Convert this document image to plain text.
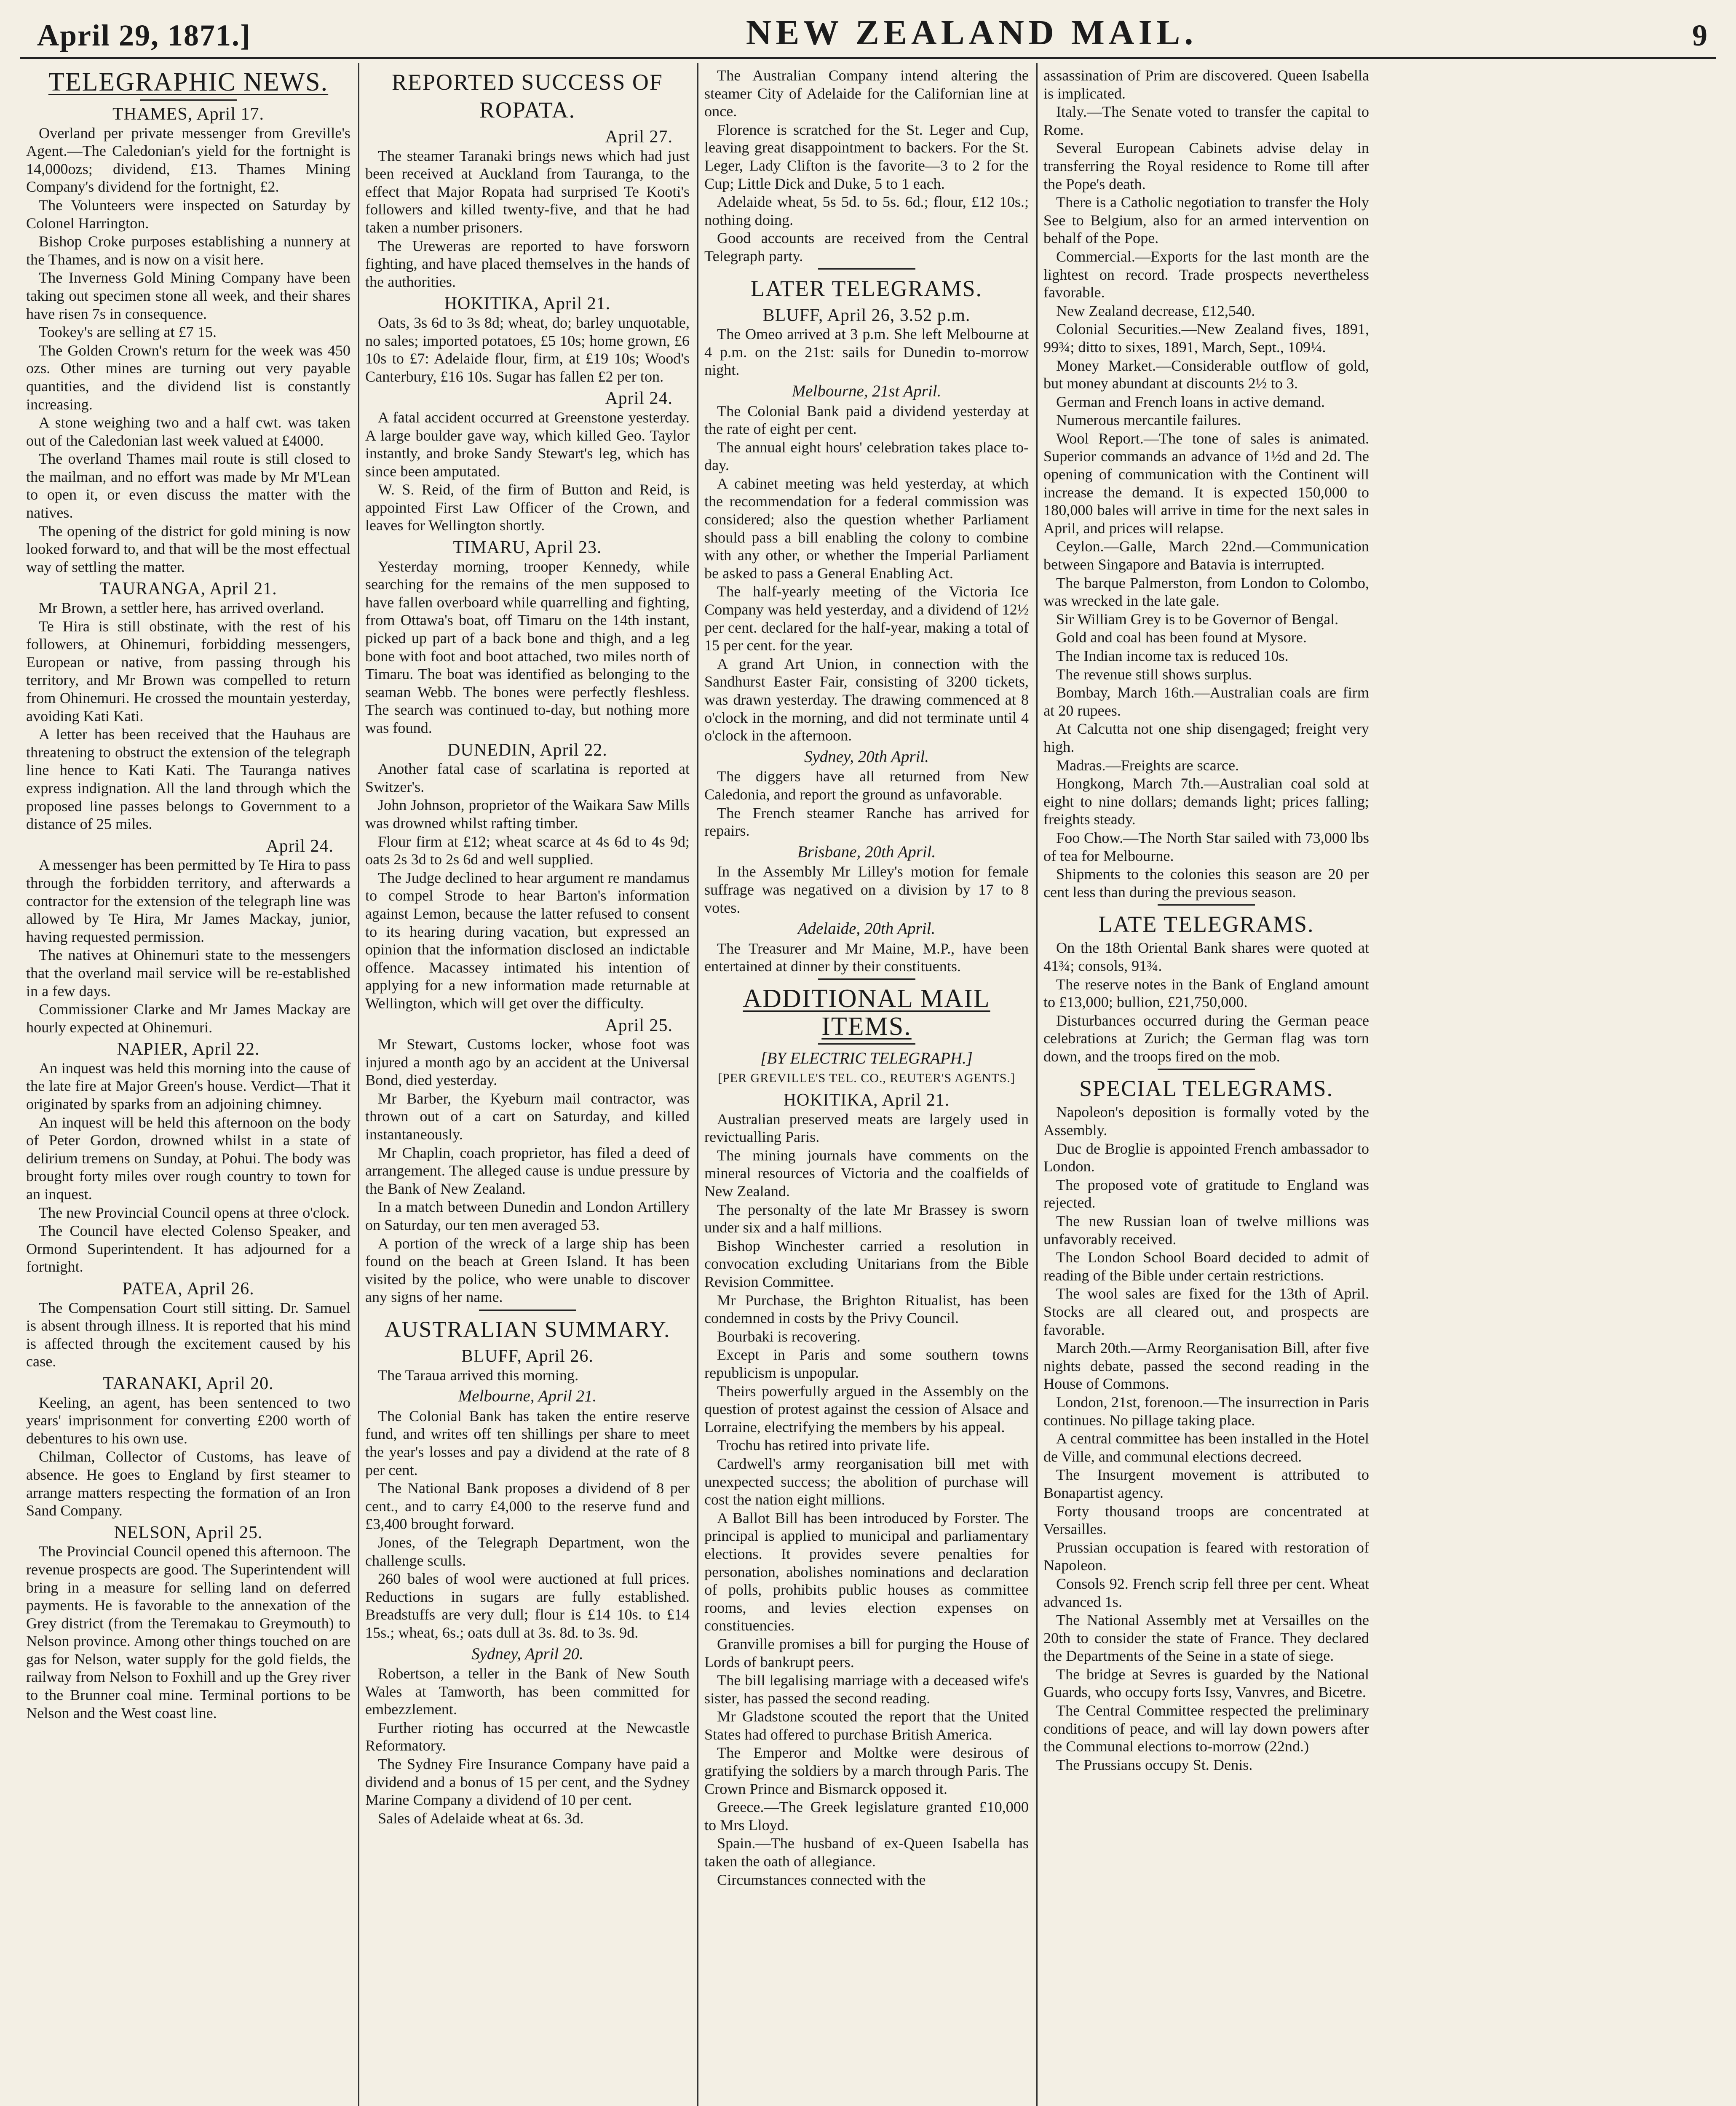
April 29, 1871.]	NEW ZEALAND MAIL.	9
TELEGRAPHIC NEWS.
THAMES, April 17.

Overland per private messenger from Greville's Agent.—The Caledonian's yield for the fortnight is 14,000ozs; dividend, £13. Thames Mining Company's dividend for the fortnight, £2.

The Volunteers were inspected on Saturday by Colonel Harrington.

Bishop Croke purposes establishing a nunnery at the Thames, and is now on a visit here.

The Inverness Gold Mining Company have been taking out specimen stone all week, and their shares have risen 7s in consequence.

Tookey's are selling at £7 15.

The Golden Crown's return for the week was 450 ozs. Other mines are turning out very payable quantities, and the dividend list is constantly increasing.

A stone weighing two and a half cwt. was taken out of the Caledonian last week valued at £4000.

The overland Thames mail route is still closed to the mailman, and no effort was made by Mr M'Lean to open it, or even discuss the matter with the natives.

The opening of the district for gold mining is now looked forward to, and that will be the most effectual way of settling the matter.

TAURANGA, April 21.

Mr Brown, a settler here, has arrived overland.

Te Hira is still obstinate, with the rest of his followers, at Ohinemuri, forbidding messengers, European or native, from passing through his territory, and Mr Brown was compelled to return from Ohinemuri. He crossed the mountain yesterday, avoiding Kati Kati.

A letter has been received that the Hauhaus are threatening to obstruct the extension of the telegraph line hence to Kati Kati. The Tauranga natives express indignation. All the land through which the proposed line passes belongs to Government to a distance of 25 miles.

April 24.

A messenger has been permitted by Te Hira to pass through the forbidden territory, and afterwards a contractor for the extension of the telegraph line was allowed by Te Hira, Mr James Mackay, junior, having requested permission.

The natives at Ohinemuri state to the messengers that the overland mail service will be re-established in a few days.

Commissioner Clarke and Mr James Mackay are hourly expected at Ohinemuri.

NAPIER, April 22.

An inquest was held this morning into the cause of the late fire at Major Green's house. Verdict—That it originated by sparks from an adjoining chimney.

An inquest will be held this afternoon on the body of Peter Gordon, drowned whilst in a state of delirium tremens on Sunday, at Pohui. The body was brought forty miles over rough country to town for an inquest.

The new Provincial Council opens at three o'clock.

The Council have elected Colenso Speaker, and Ormond Superintendent. It has adjourned for a fortnight.

PATEA, April 26.

The Compensation Court still sitting. Dr. Samuel is absent through illness. It is reported that his mind is affected through the excitement caused by his case.

TARANAKI, April 20.

Keeling, an agent, has been sentenced to two years' imprisonment for converting £200 worth of debentures to his own use.

Chilman, Collector of Customs, has leave of absence. He goes to England by first steamer to arrange matters respecting the formation of an Iron Sand Company.

NELSON, April 25.

The Provincial Council opened this afternoon. The revenue prospects are good. The Superintendent will bring in a measure for selling land on deferred payments. He is favorable to the annexation of the Grey district (from the Teremakau to Greymouth) to Nelson province. Among other things touched on are gas for Nelson, water supply for the gold fields, the railway from Nelson to Foxhill and up the Grey river to the Brunner coal mine. Terminal portions to be Nelson and the West coast line.

REPORTED SUCCESS OF ROPATA.
April 27.

The steamer Taranaki brings news which had just been received at Auckland from Tauranga, to the effect that Major Ropata had surprised Te Kooti's followers and killed twenty-five, and that he had taken a number prisoners.

The Ureweras are reported to have forsworn fighting, and have placed themselves in the hands of the authorities.

HOKITIKA, April 21.

Oats, 3s 6d to 3s 8d; wheat, do; barley unquotable, no sales; imported potatoes, £5 10s; home grown, £6 10s to £7: Adelaide flour, firm, at £19 10s; Wood's Canterbury, £16 10s. Sugar has fallen £2 per ton.

April 24.

A fatal accident occurred at Greenstone yesterday. A large boulder gave way, which killed Geo. Taylor instantly, and broke Sandy Stewart's leg, which has since been amputated.

W. S. Reid, of the firm of Button and Reid, is appointed First Law Officer of the Crown, and leaves for Wellington shortly.

TIMARU, April 23.

Yesterday morning, trooper Kennedy, while searching for the remains of the men supposed to have fallen overboard while quarrelling and fighting, from Ottawa's boat, off Timaru on the 14th instant, picked up part of a back bone and thigh, and a leg bone with foot and boot attached, two miles north of Timaru. The boat was identified as belonging to the seaman Webb. The bones were perfectly fleshless. The search was continued to-day, but nothing more was found.

DUNEDIN, April 22.

Another fatal case of scarlatina is reported at Switzer's.

John Johnson, proprietor of the Waikara Saw Mills was drowned whilst rafting timber.

Flour firm at £12; wheat scarce at 4s 6d to 4s 9d; oats 2s 3d to 2s 6d and well supplied.

The Judge declined to hear argument re mandamus to compel Strode to hear Barton's information against Lemon, because the latter refused to consent to its hearing during vacation, but expressed an opinion that the information disclosed an indictable offence. Macassey intimated his intention of applying for a new information made returnable at Wellington, which will get over the difficulty.

April 25.

Mr Stewart, Customs locker, whose foot was injured a month ago by an accident at the Universal Bond, died yesterday.

Mr Barber, the Kyeburn mail contractor, was thrown out of a cart on Saturday, and killed instantaneously.

Mr Chaplin, coach proprietor, has filed a deed of arrangement. The alleged cause is undue pressure by the Bank of New Zealand.

In a match between Dunedin and London Artillery on Saturday, our ten men averaged 53.

A portion of the wreck of a large ship has been found on the beach at Green Island. It has been visited by the police, who were unable to discover any signs of her name.

AUSTRALIAN SUMMARY.
BLUFF, April 26.

The Taraua arrived this morning.

Melbourne, April 21.

The Colonial Bank has taken the entire reserve fund, and writes off ten shillings per share to meet the year's losses and pay a dividend at the rate of 8 per cent.

The National Bank proposes a dividend of 8 per cent., and to carry £4,000 to the reserve fund and £3,400 brought forward.

Jones, of the Telegraph Department, won the challenge sculls.

260 bales of wool were auctioned at full prices. Reductions in sugars are fully established. Breadstuffs are very dull; flour is £14 10s. to £14 15s.; wheat, 6s.; oats dull at 3s. 8d. to 3s. 9d.

Sydney, April 20.

Robertson, a teller in the Bank of New South Wales at Tamworth, has been committed for embezzlement.

Further rioting has occurred at the Newcastle Reformatory.

The Sydney Fire Insurance Company have paid a dividend and a bonus of 15 per cent, and the Sydney Marine Company a dividend of 10 per cent.

Sales of Adelaide wheat at 6s. 3d.

The Australian Company intend altering the steamer City of Adelaide for the Californian line at once.

Florence is scratched for the St. Leger and Cup, leaving great disappointment to backers. For the St. Leger, Lady Clifton is the favorite—3 to 2 for the Cup; Little Dick and Duke, 5 to 1 each.

Adelaide wheat, 5s 5d. to 5s. 6d.; flour, £12 10s.; nothing doing.

Good accounts are received from the Central Telegraph party.

LATER TELEGRAMS.
BLUFF, April 26, 3.52 p.m.

The Omeo arrived at 3 p.m. She left Melbourne at 4 p.m. on the 21st: sails for Dunedin to-morrow night.

Melbourne, 21st April.

The Colonial Bank paid a dividend yesterday at the rate of eight per cent.

The annual eight hours' celebration takes place to-day.

A cabinet meeting was held yesterday, at which the recommendation for a federal commission was considered; also the question whether Parliament should pass a bill enabling the colony to combine with any other, or whether the Imperial Parliament be asked to pass a General Enabling Act.

The half-yearly meeting of the Victoria Ice Company was held yesterday, and a dividend of 12½ per cent. declared for the half-year, making a total of 15 per cent. for the year.

A grand Art Union, in connection with the Sandhurst Easter Fair, consisting of 3200 tickets, was drawn yesterday. The drawing commenced at 8 o'clock in the morning, and did not terminate until 4 o'clock in the afternoon.

Sydney, 20th April.

The diggers have all returned from New Caledonia, and report the ground as unfavorable.

The French steamer Ranche has arrived for repairs.

Brisbane, 20th April.

In the Assembly Mr Lilley's motion for female suffrage was negatived on a division by 17 to 8 votes.

Adelaide, 20th April.

The Treasurer and Mr Maine, M.P., have been entertained at dinner by their constituents.

ADDITIONAL MAIL ITEMS.
[BY ELECTRIC TELEGRAPH.]
[PER GREVILLE'S TEL. CO., REUTER'S AGENTS.]
HOKITIKA, April 21.

Australian preserved meats are largely used in revictualling Paris.

The mining journals have comments on the mineral resources of Victoria and the coalfields of New Zealand.

The personalty of the late Mr Brassey is sworn under six and a half millions.

Bishop Winchester carried a resolution in convocation excluding Unitarians from the Bible Revision Committee.

Mr Purchase, the Brighton Ritualist, has been condemned in costs by the Privy Council.

Bourbaki is recovering.

Except in Paris and some southern towns republicism is unpopular.

Theirs powerfully argued in the Assembly on the question of protest against the cession of Alsace and Lorraine, electrifying the members by his appeal.

Trochu has retired into private life.

Cardwell's army reorganisation bill met with unexpected success; the abolition of purchase will cost the nation eight millions.

A Ballot Bill has been introduced by Forster. The principal is applied to municipal and parliamentary elections. It provides severe penalties for personation, abolishes nominations and declaration of polls, prohibits public houses as committee rooms, and levies election expenses on constituencies.

Granville promises a bill for purging the House of Lords of bankrupt peers.

The bill legalising marriage with a deceased wife's sister, has passed the second reading.

Mr Gladstone scouted the report that the United States had offered to purchase British America.

The Emperor and Moltke were desirous of gratifying the soldiers by a march through Paris. The Crown Prince and Bismarck opposed it.

Greece.—The Greek legislature granted £10,000 to Mrs Lloyd.

Spain.—The husband of ex-Queen Isabella has taken the oath of allegiance.

Circumstances connected with the

assassination of Prim are discovered. Queen Isabella is implicated.

Italy.—The Senate voted to transfer the capital to Rome.

Several European Cabinets advise delay in transferring the Royal residence to Rome till after the Pope's death.

There is a Catholic negotiation to transfer the Holy See to Belgium, also for an armed intervention on behalf of the Pope.

Commercial.—Exports for the last month are the lightest on record. Trade prospects nevertheless favorable.

New Zealand decrease, £12,540.

Colonial Securities.—New Zealand fives, 1891, 99¾; ditto to sixes, 1891, March, Sept., 109¼.

Money Market.—Considerable outflow of gold, but money abundant at discounts 2½ to 3.

German and French loans in active demand.

Numerous mercantile failures.

Wool Report.—The tone of sales is animated. Superior commands an advance of 1½d and 2d. The opening of communication with the Continent will increase the demand. It is expected 150,000 to 180,000 bales will arrive in time for the next sales in April, and prices will relapse.

Ceylon.—Galle, March 22nd.—Communication between Singapore and Batavia is interrupted.

The barque Palmerston, from London to Colombo, was wrecked in the late gale.

Sir William Grey is to be Governor of Bengal.

Gold and coal has been found at Mysore.

The Indian income tax is reduced 10s.

The revenue still shows surplus.

Bombay, March 16th.—Australian coals are firm at 20 rupees.

At Calcutta not one ship disengaged; freight very high.

Madras.—Freights are scarce.

Hongkong, March 7th.—Australian coal sold at eight to nine dollars; demands light; prices falling; freights steady.

Foo Chow.—The North Star sailed with 73,000 lbs of tea for Melbourne.

Shipments to the colonies this season are 20 per cent less than during the previous season.

LATE TELEGRAMS.

On the 18th Oriental Bank shares were quoted at 41¾; consols, 91¾.

The reserve notes in the Bank of England amount to £13,000; bullion, £21,750,000.

Disturbances occurred during the German peace celebrations at Zurich; the German flag was torn down, and the troops fired on the mob.

SPECIAL TELEGRAMS.

Napoleon's deposition is formally voted by the Assembly.

Duc de Broglie is appointed French ambassador to London.

The proposed vote of gratitude to England was rejected.

The new Russian loan of twelve millions was unfavorably received.

The London School Board decided to admit of reading of the Bible under certain restrictions.

The wool sales are fixed for the 13th of April. Stocks are all cleared out, and prospects are favorable.

March 20th.—Army Reorganisation Bill, after five nights debate, passed the second reading in the House of Commons.

London, 21st, forenoon.—The insurrection in Paris continues. No pillage taking place.

A central committee has been installed in the Hotel de Ville, and communal elections decreed.

The Insurgent movement is attributed to Bonapartist agency.

Forty thousand troops are concentrated at Versailles.

Prussian occupation is feared with restoration of Napoleon.

Consols 92. French scrip fell three per cent. Wheat advanced 1s.

The National Assembly met at Versailles on the 20th to consider the state of France. They declared the Departments of the Seine in a state of siege.

The bridge at Sevres is guarded by the National Guards, who occupy forts Issy, Vanvres, and Bicetre.

The Central Committee respected the preliminary conditions of peace, and will lay down powers after the Communal elections to-morrow (22nd.)

The Prussians occupy St. Denis.
